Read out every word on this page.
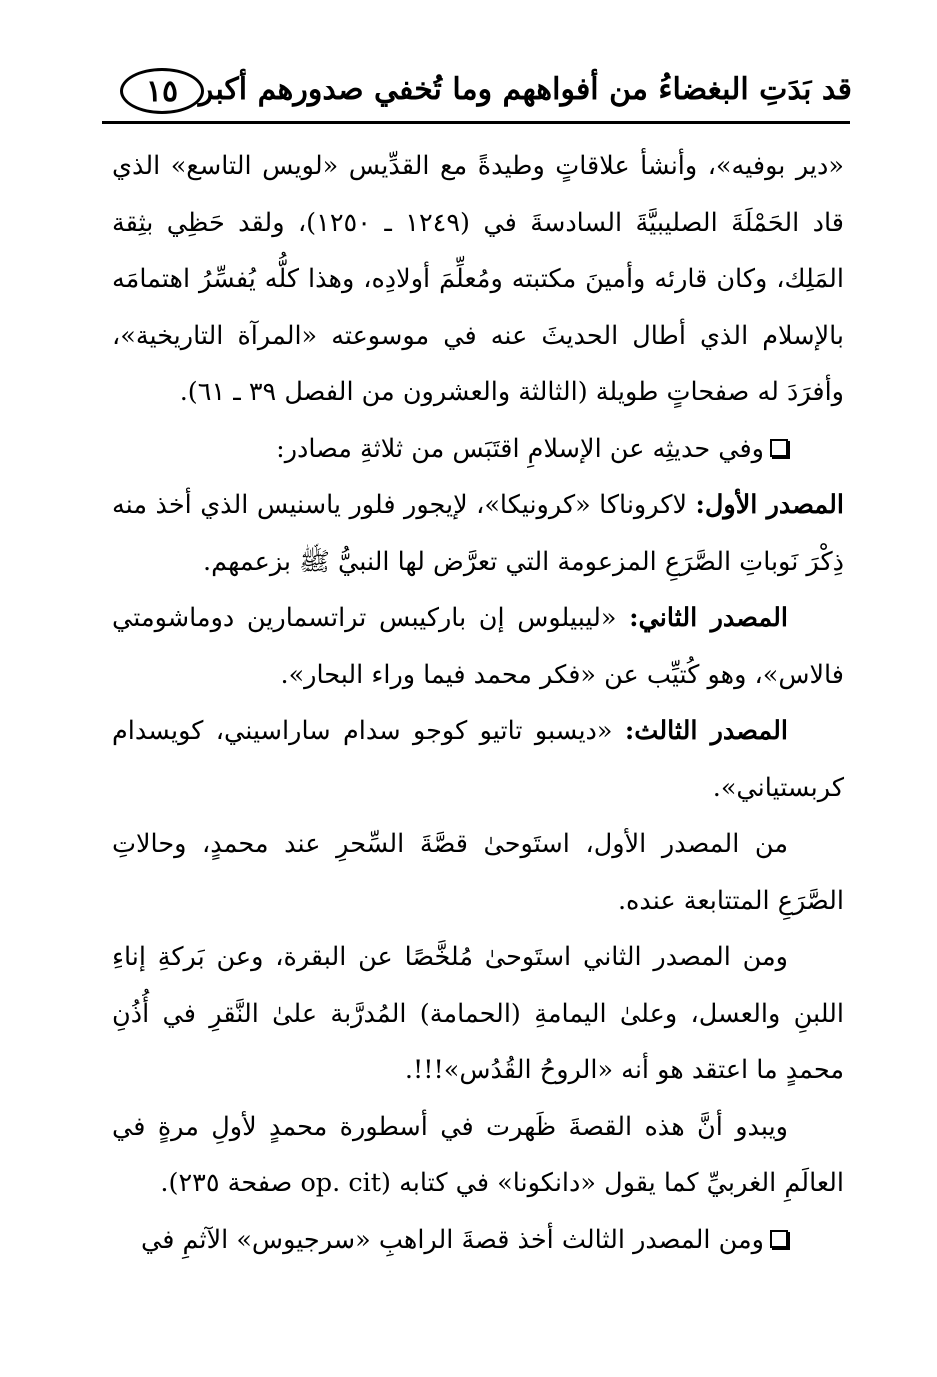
١٥ قد بَدَتِ البغضاءُ من أفواههم وما تُخفي صدورهم أكبر

«دير بوفيه»، وأنشأ علاقاتٍ وطيدةً مع القدِّيس «لويس التاسع» الذي قاد الحَمْلَةَ الصليبيَّةَ السادسةَ في (١٢٤٩ ـ ١٢٥٠)، ولقد حَظِي بثِقة المَلِك، وكان قارئه وأمينَ مكتبته ومُعلِّمَ أولادِه، وهذا كلُّه يُفسِّرُ اهتمامَه بالإسلام الذي أطال الحديثَ عنه في موسوعته «المرآة التاريخية»، وأفرَدَ له صفحاتٍ طويلة (الثالثة والعشرون من الفصل ٣٩ ـ ٦١).

وفي حديثِه عن الإسلامِ اقتَبَس من ثلاثةِ مصادر:

المصدر الأول: لاكروناكا «كرونيكا»، لإيجور فلور ياسنيس الذي أخذ منه ذِكْرَ نَوباتِ الصَّرَعِ المزعومة التي تعرَّض لها النبيُّ ﷺ بزعمهم.

المصدر الثاني: «ليبيلوس إن باركيبس تراتسمارين دوماشومتي فالاس»، وهو كُتيِّب عن «فكر محمد فيما وراء البحار».

المصدر الثالث: «ديسبو تاتيو كوجو سدام ساراسيني، كويسدام كربستياني».

من المصدر الأول، استَوحىٰ قصَّةَ السِّحرِ عند محمدٍ، وحالاتِ الصَّرَعِ المتتابعة عنده.

ومن المصدر الثاني استَوحىٰ مُلخَّصًا عن البقرة، وعن بَركةِ إناءِ اللبنِ والعسل، وعلىٰ اليمامةِ (الحمامة) المُدرَّبة علىٰ النَّقرِ في أُذُنِ محمدٍ ما اعتقد هو أنه «الروحُ القُدُس»!!!.

ويبدو أنَّ هذه القصةَ ظَهرت في أسطورة محمدٍ لأولِ مرةٍ في العالَمِ الغربيِّ كما يقول «دانكونا» في كتابه (op. cit صفحة ٢٣٥).

ومن المصدر الثالث أخذ قصةَ الراهبِ «سرجيوس» الآثمِ في
